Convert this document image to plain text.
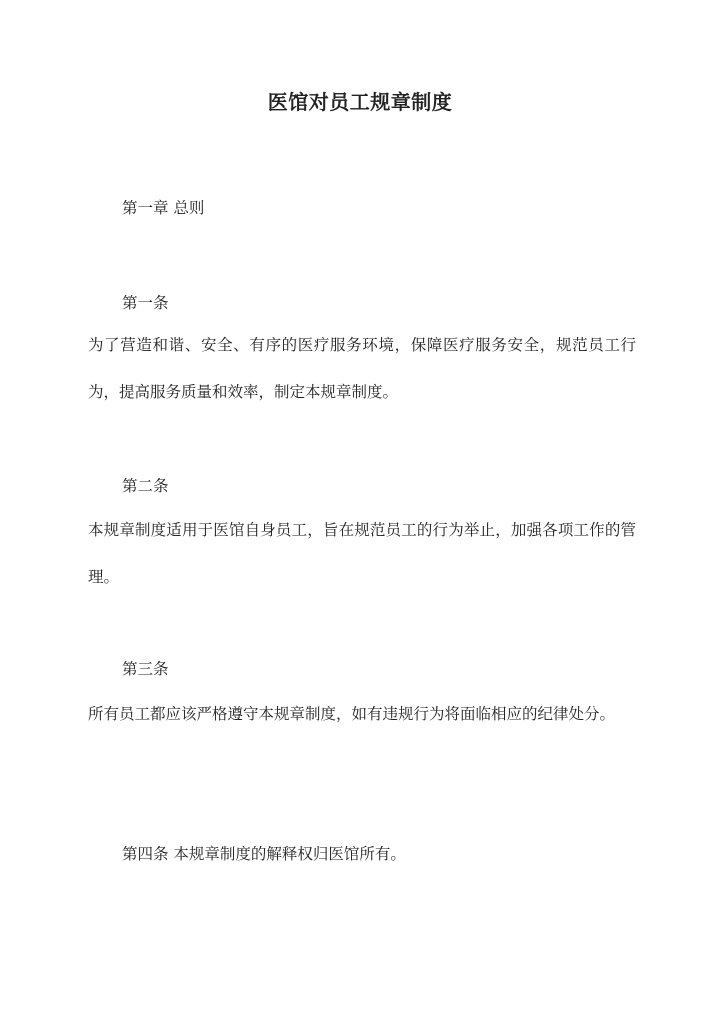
医馆对员工规章制度
第一章 总则
第一条
为了营造和谐、安全、有序的医疗服务环境，保障医疗服务安全，规范员工行为，提高服务质量和效率，制定本规章制度。
第二条
本规章制度适用于医馆自身员工，旨在规范员工的行为举止，加强各项工作的管理。
第三条
所有员工都应该严格遵守本规章制度，如有违规行为将面临相应的纪律处分。
第四条 本规章制度的解释权归医馆所有。
